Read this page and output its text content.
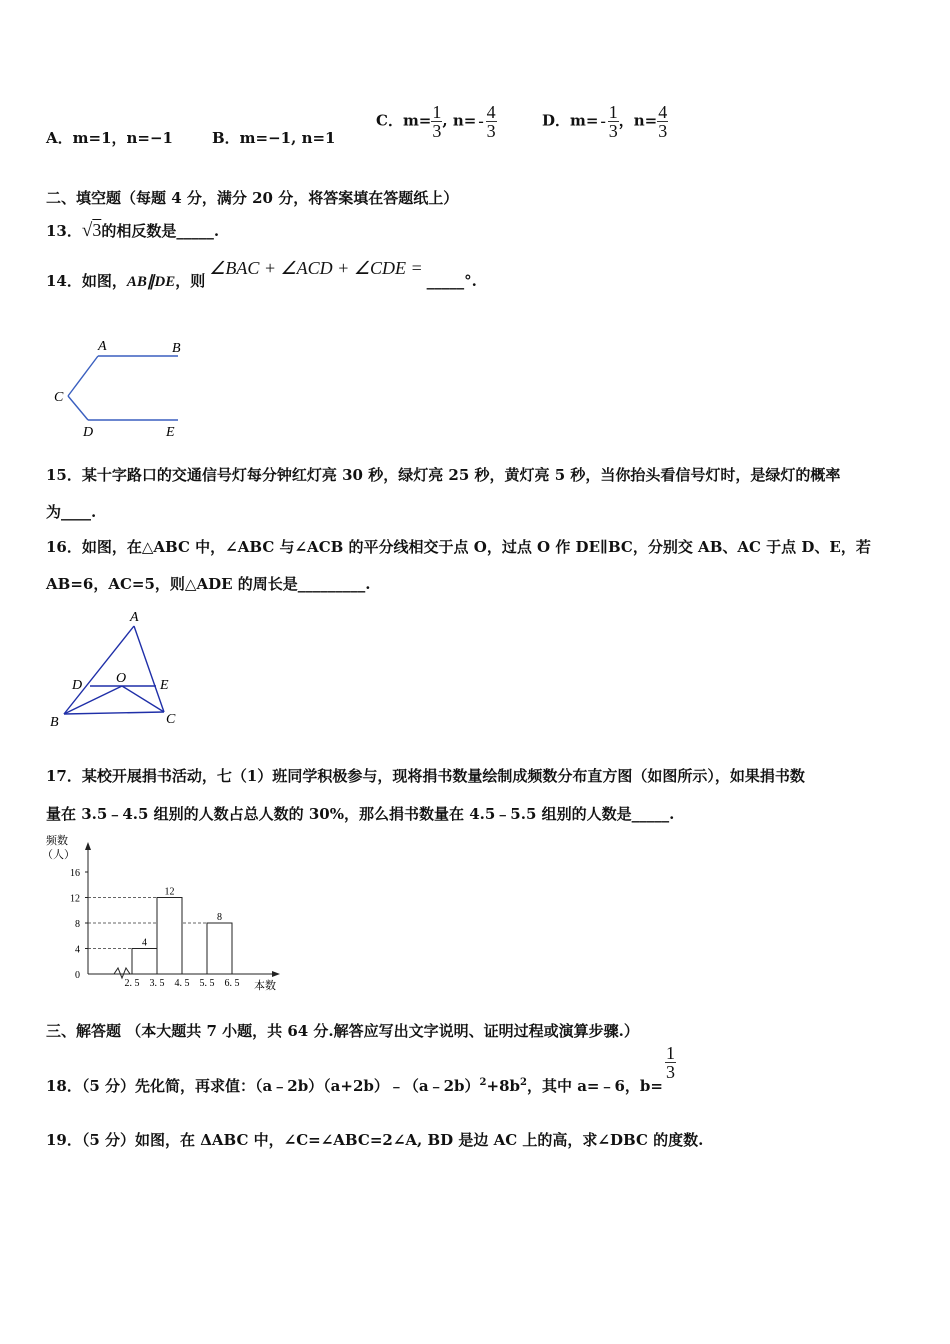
A．m=1，n=−1	B．m=−1, n=1
C．$m= \frac{1}{3}$ , $n= - \frac{4}{3}$	D．$m= - \frac{1}{3}$ ，$n= \frac{4}{3}$
二、填空题（每题 4 分，满分 20 分，将答案填在答题纸上）
13．√3的相反数是_____.
14．如图，AB∥DE，则∠BAC + ∠ACD + ∠CDE =_____°.
A	B
C
D	E
15．某十字路口的交通信号灯每分钟红灯亮 30 秒，绿灯亮 25 秒，黄灯亮 5 秒，当你抬头看信号灯时，是绿灯的概率
为____.
16．如图，在△ABC 中，∠ABC 与∠ACB 的平分线相交于点 O，过点 O 作 DE∥BC，分别交 AB、AC 于点 D、E，若
AB=6，AC=5，则△ADE 的周长是_________.
A
O
D	E
B	C
17．某校开展捐书活动，七（1）班同学积极参与，现将捐书数量绘制成频数分布直方图（如图所示），如果捐书数
量在 3.5﹣4.5 组别的人数占总人数的 30%，那么捐书数量在 4.5﹣5.5 组别的人数是_____.
频数
（人）
本数
0
4
8
12
16
2. 5 3. 5 4. 5 5. 5 6. 5
4
12
8
三、解答题 （本大题共 7 小题，共 64 分.解答应写出文字说明、证明过程或演算步骤.）
18．（5 分）先化简，再求值：$(a﹣2b)(a+2b)﹣(a﹣2b)^2+8b^2$，其中 a=﹣6，b=
$\frac{1}{3}$
19．（5 分）如图，在 ΔABC 中，∠C=∠ABC=2∠A, BD 是边 AC 上的高，求∠DBC 的度数.
